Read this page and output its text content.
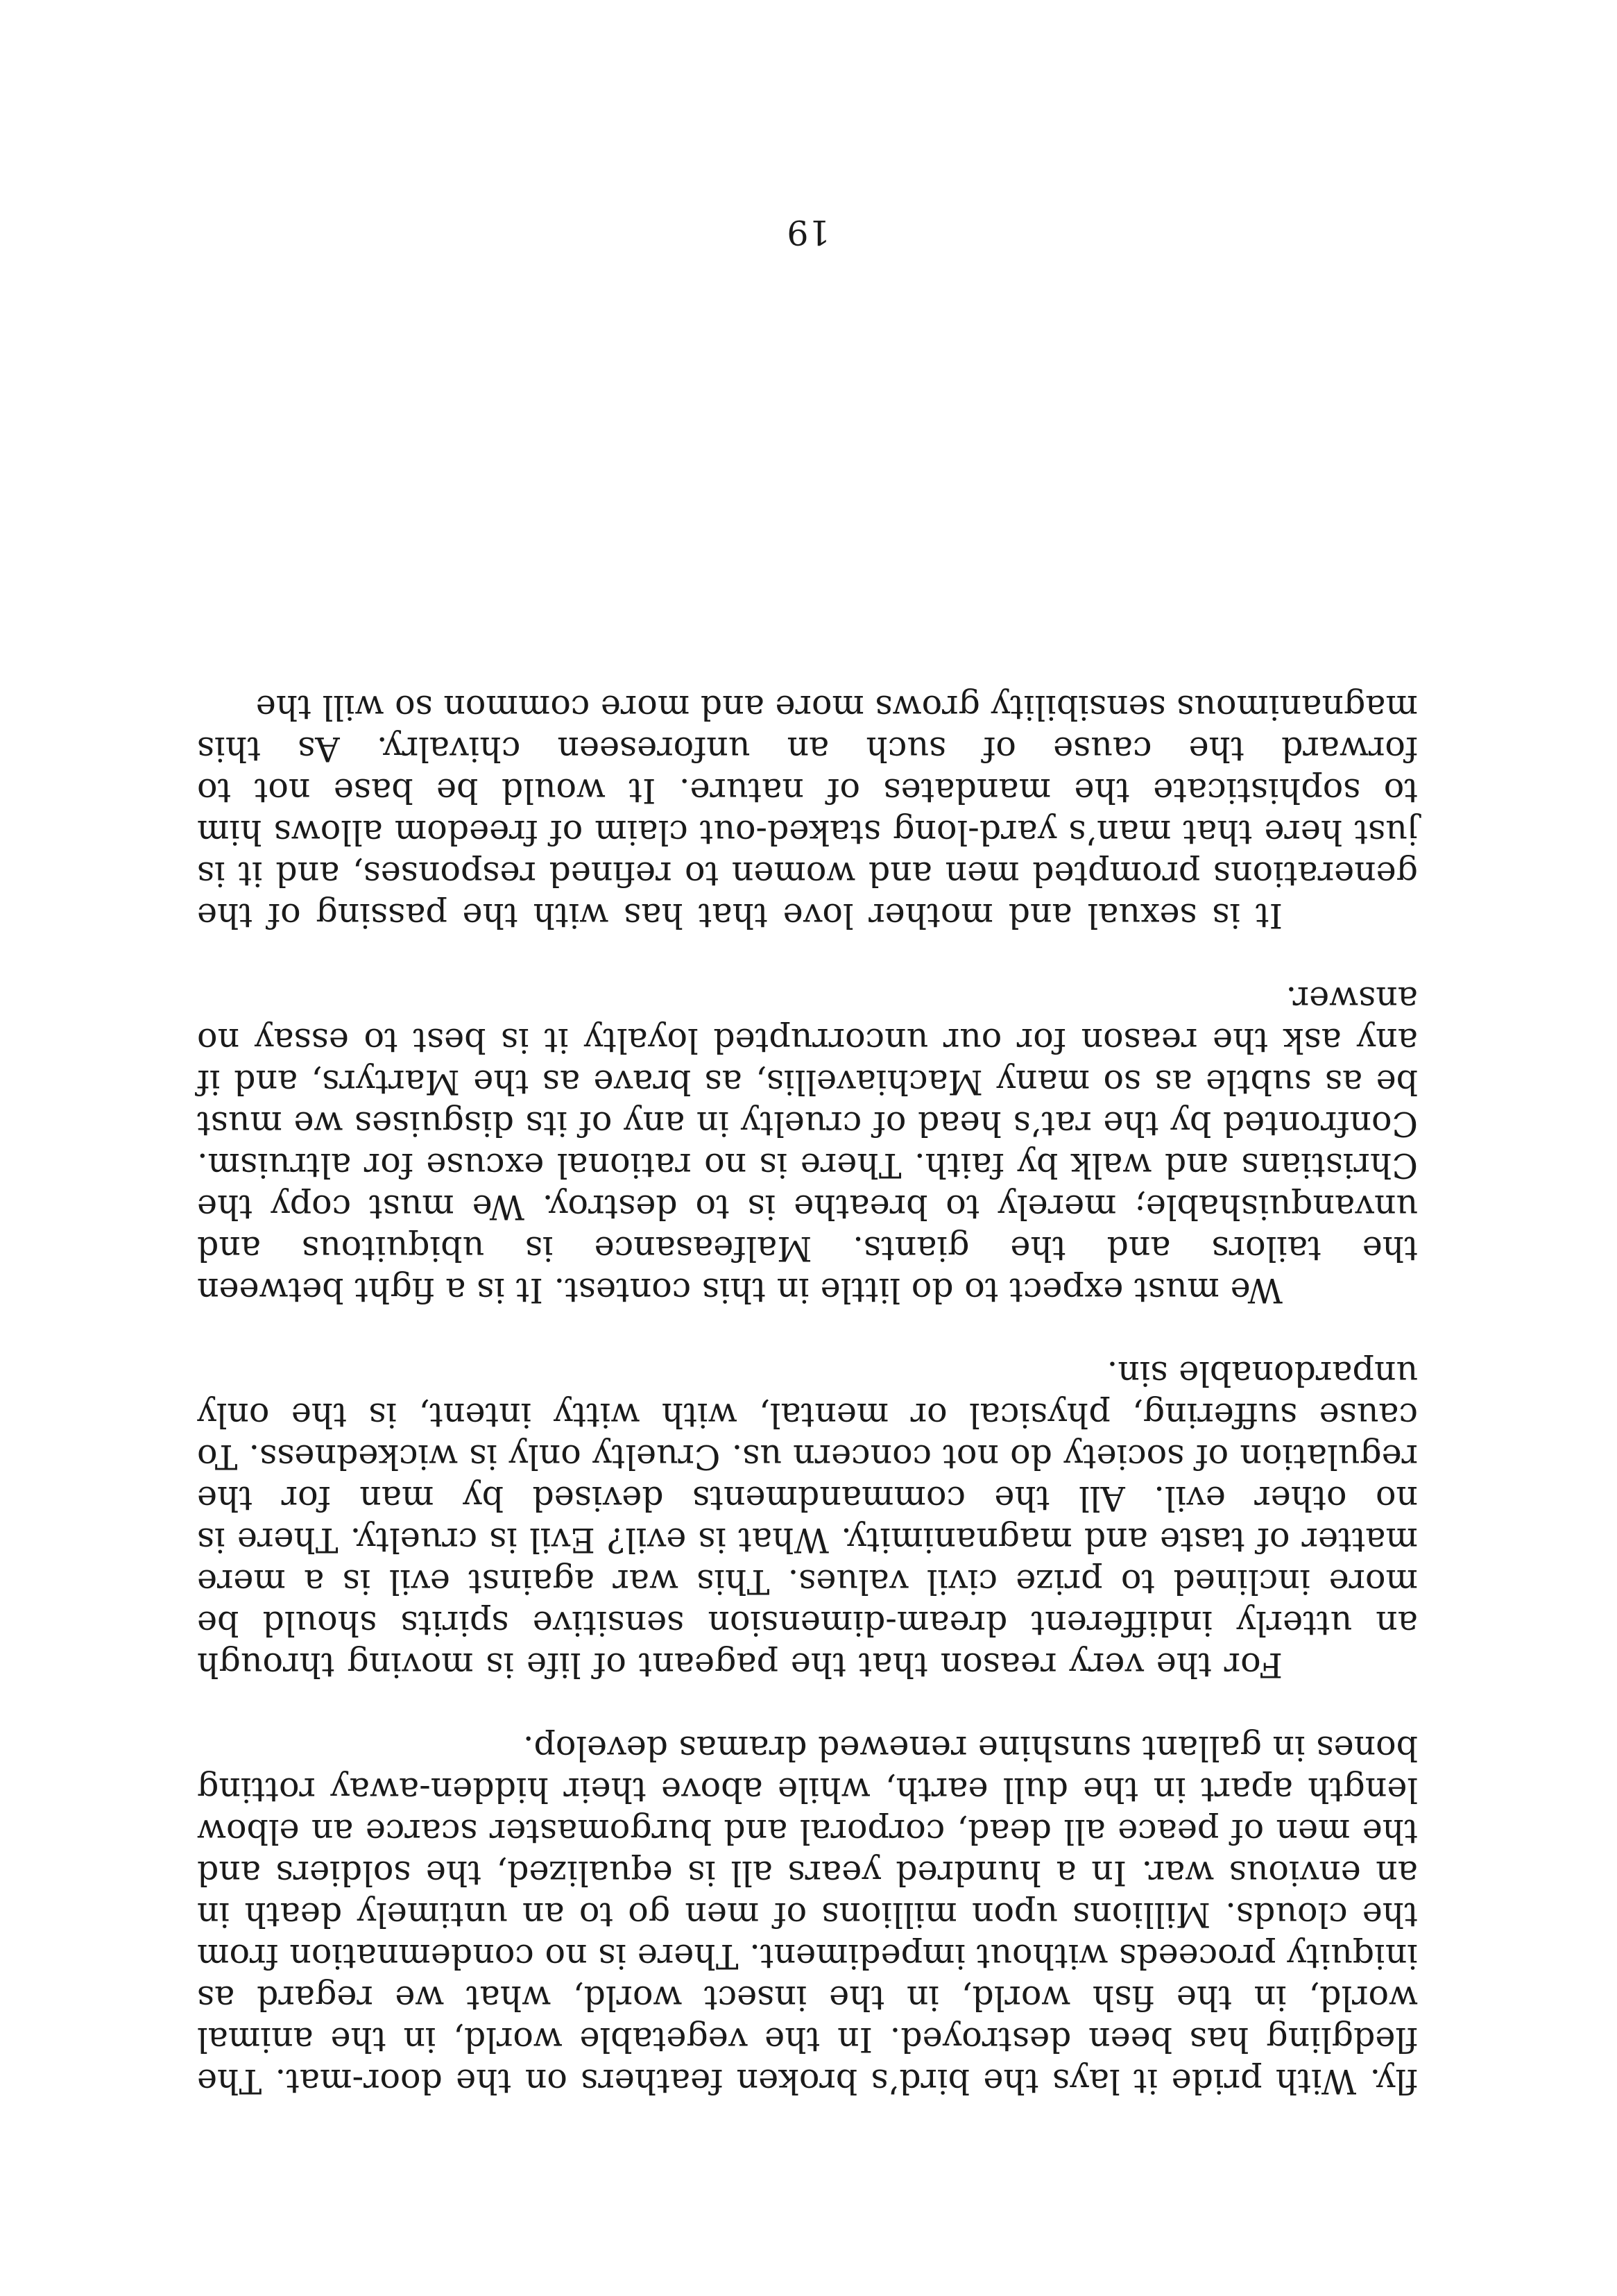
fly. With pride it lays the bird’s broken feathers on the door-mat. The fledgling has been destroyed. In the vegetable world, in the animal world, in the fish world, in the insect world, what we regard as iniquity proceeds without impediment. There is no condemnation from the clouds. Millions upon millions of men go to an untimely death in an envious war. In a hundred years all is equalized, the soldiers and the men of peace all dead, corporal and burgomaster scarce an elbow length apart in the dull earth, while above their hidden-away rotting bones in gallant sunshine renewed dramas develop.

For the very reason that the pageant of life is moving through an utterly indifferent dream-dimension sensitive spirits should be more inclined to prize civil values. This war against evil is a mere matter of taste and magnanimity. What is evil? Evil is cruelty. There is no other evil. All the commandments devised by man for the regulation of society do not concern us. Cruelty only is wickedness. To cause suffering, physical or mental, with witty intent, is the only unpardonable sin.

We must expect to do little in this contest. It is a fight between the tailors and the giants. Malfeasance is ubiquitous and unvanquishable; merely to breathe is to destroy. We must copy the Christians and walk by faith. There is no rational excuse for altruism. Confronted by the rat’s head of cruelty in any of its disguises we must be as subtle as so many Machiavellis, as brave as the Martyrs, and if any ask the reason for our uncorrupted loyalty it is best to essay no answer.

It is sexual and mother love that has with the passing of the generations prompted men and women to refined responses, and it is just here that man’s yard-long staked-out claim of freedom allows him to sophisticate the mandates of nature. It would be base not to forward the cause of such an unforeseen chivalry. As this magnanimous sensibility grows more and more common so will the

19
